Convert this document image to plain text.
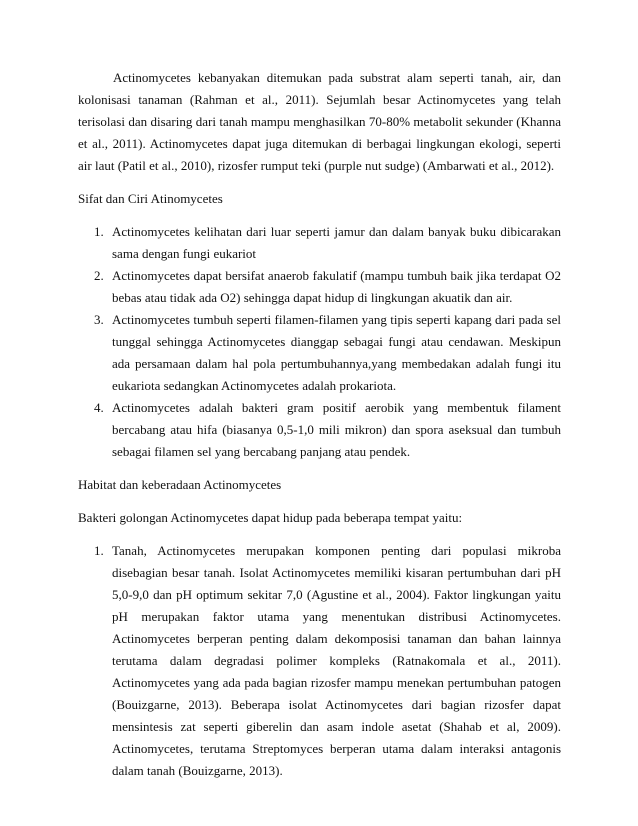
Actinomycetes kebanyakan ditemukan pada substrat alam seperti tanah, air, dan kolonisasi tanaman (Rahman et al., 2011). Sejumlah besar Actinomycetes yang telah terisolasi dan disaring dari tanah mampu menghasilkan 70-80% metabolit sekunder (Khanna et al., 2011). Actinomycetes dapat juga ditemukan di berbagai lingkungan ekologi, seperti air laut (Patil et al., 2010), rizosfer rumput teki (purple nut sudge) (Ambarwati et al., 2012).

Sifat dan Ciri Atinomycetes

1. Actinomycetes kelihatan dari luar seperti jamur dan dalam banyak buku dibicarakan sama dengan fungi eukariot
2. Actinomycetes dapat bersifat anaerob fakulatif (mampu tumbuh baik jika terdapat O2 bebas atau tidak ada O2) sehingga dapat hidup di lingkungan akuatik dan air.
3. Actinomycetes tumbuh seperti filamen-filamen yang tipis seperti kapang dari pada sel tunggal sehingga Actinomycetes dianggap sebagai fungi atau cendawan. Meskipun ada persamaan dalam hal pola pertumbuhannya,yang membedakan adalah fungi itu eukariota sedangkan Actinomycetes adalah prokariota.
4. Actinomycetes adalah bakteri gram positif aerobik yang membentuk filament bercabang atau hifa (biasanya 0,5-1,0 mili mikron) dan spora aseksual dan tumbuh sebagai filamen sel yang bercabang panjang atau pendek.

Habitat dan keberadaan Actinomycetes

Bakteri golongan Actinomycetes dapat hidup pada beberapa tempat yaitu:

1. Tanah, Actinomycetes merupakan komponen penting dari populasi mikroba disebagian besar tanah. Isolat Actinomycetes memiliki kisaran pertumbuhan dari pH 5,0-9,0 dan pH optimum sekitar 7,0 (Agustine et al., 2004). Faktor lingkungan yaitu pH merupakan faktor utama yang menentukan distribusi Actinomycetes. Actinomycetes berperan penting dalam dekomposisi tanaman dan bahan lainnya terutama dalam degradasi polimer kompleks (Ratnakomala et al., 2011). Actinomycetes yang ada pada bagian rizosfer mampu menekan pertumbuhan patogen (Bouizgarne, 2013). Beberapa isolat Actinomycetes dari bagian rizosfer dapat mensintesis zat seperti giberelin dan asam indole asetat (Shahab et al, 2009). Actinomycetes, terutama Streptomyces berperan utama dalam interaksi antagonis dalam tanah (Bouizgarne, 2013).
